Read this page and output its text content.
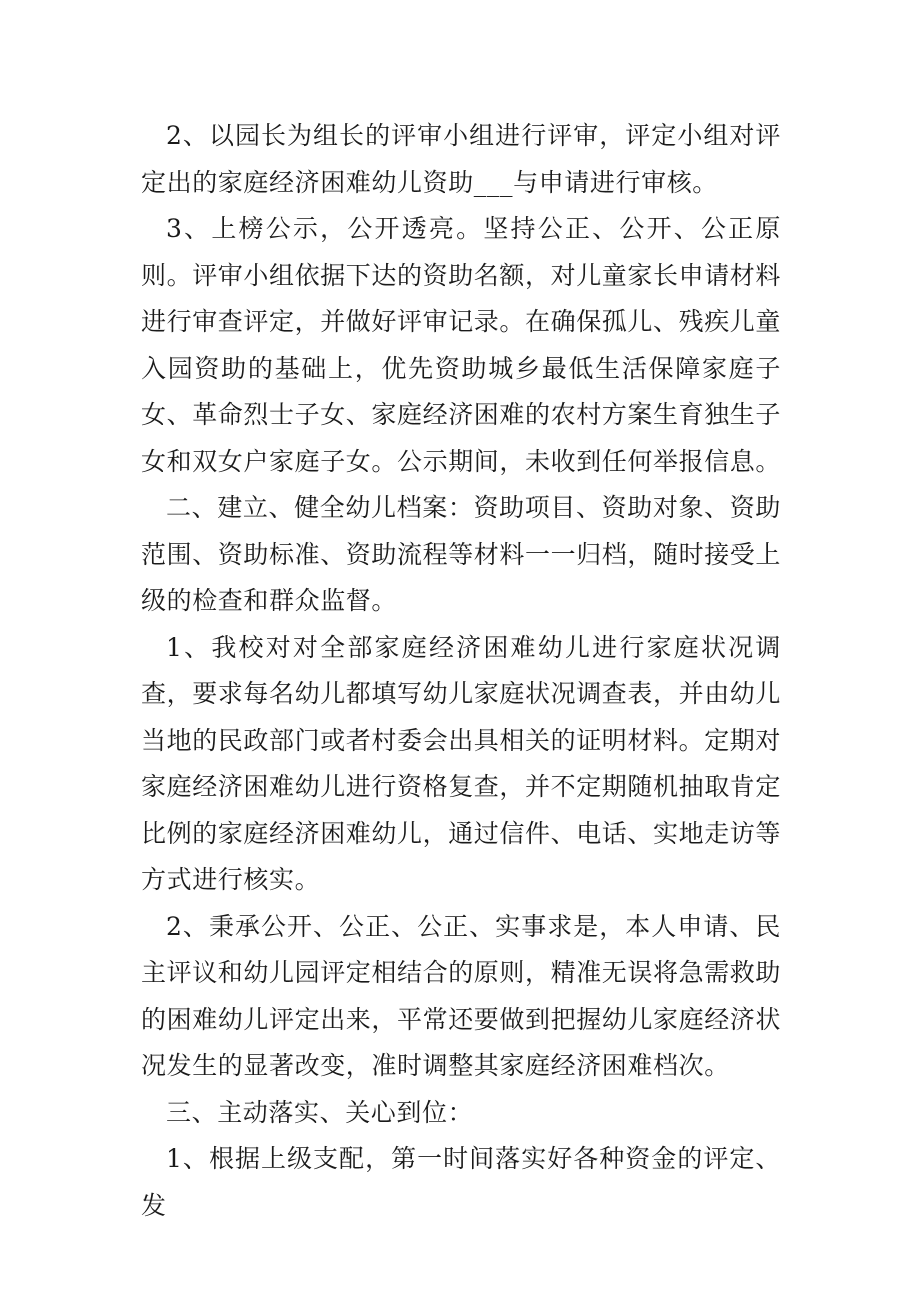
2、以园长为组长的评审小组进行评审，评定小组对评定出的家庭经济困难幼儿资助___与申请进行审核。

3、上榜公示，公开透亮。坚持公正、公开、公正原则。评审小组依据下达的资助名额，对儿童家长申请材料进行审查评定，并做好评审记录。在确保孤儿、残疾儿童入园资助的基础上，优先资助城乡最低生活保障家庭子女、革命烈士子女、家庭经济困难的农村方案生育独生子女和双女户家庭子女。公示期间，未收到任何举报信息。

二、建立、健全幼儿档案：资助项目、资助对象、资助范围、资助标准、资助流程等材料一一归档，随时接受上级的检查和群众监督。

1、我校对对全部家庭经济困难幼儿进行家庭状况调查，要求每名幼儿都填写幼儿家庭状况调查表，并由幼儿当地的民政部门或者村委会出具相关的证明材料。定期对家庭经济困难幼儿进行资格复查，并不定期随机抽取肯定比例的家庭经济困难幼儿，通过信件、电话、实地走访等方式进行核实。

2、秉承公开、公正、公正、实事求是，本人申请、民主评议和幼儿园评定相结合的原则，精准无误将急需救助的困难幼儿评定出来，平常还要做到把握幼儿家庭经济状况发生的显著改变，准时调整其家庭经济困难档次。

三、主动落实、关心到位：

1、根据上级支配，第一时间落实好各种资金的评定、发
